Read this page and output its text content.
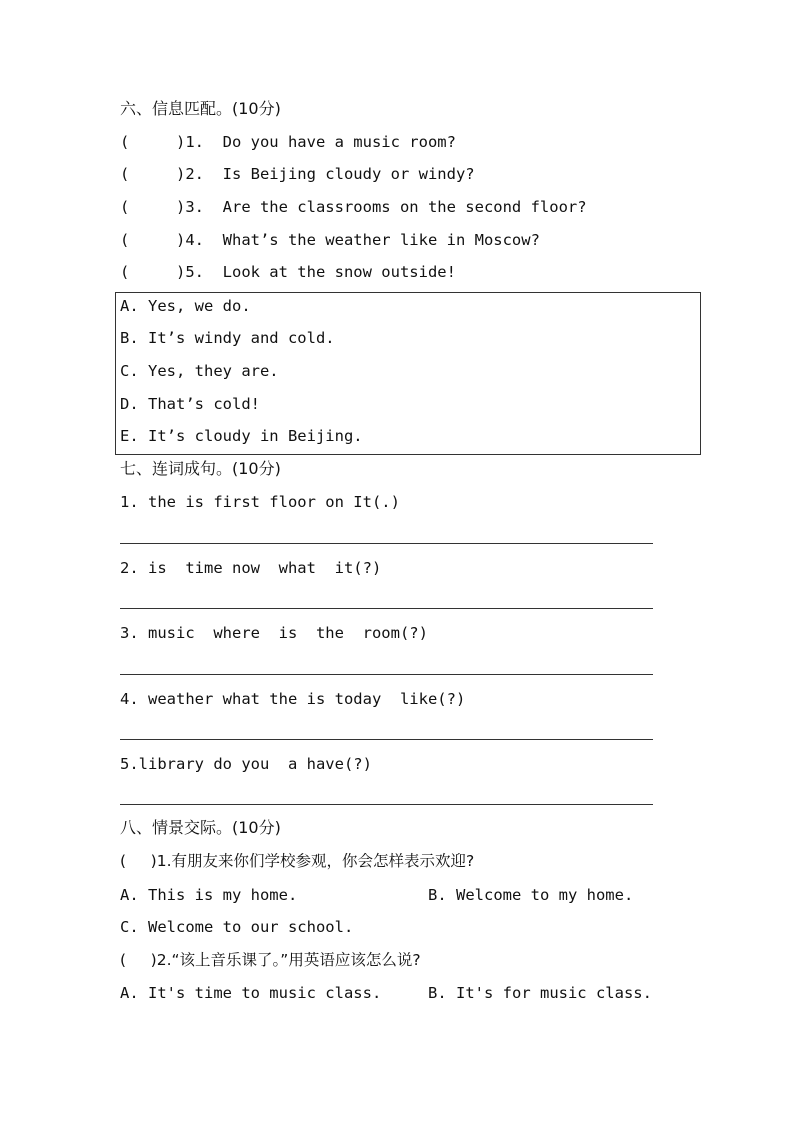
六、信息匹配。(10分)
(     )1.  Do you have a music room?
(     )2.  Is Beijing cloudy or windy?
(     )3.  Are the classrooms on the second floor?
(     )4.  What’s the weather like in Moscow?
(     )5.  Look at the snow outside!
A. Yes, we do.
B. It’s windy and cold.
C. Yes, they are.
D. That’s cold!
E. It’s cloudy in Beijing.
七、连词成句。(10分)
1. the is first floor on It(.)
2. is  time now  what  it(?)
3. music  where  is  the  room(?)
4. weather what the is today  like(?)
5.library do you  a have(?)
八、情景交际。(10分)
(     )1.有朋友来你们学校参观，你会怎样表示欢迎?
A. This is my home.	B. Welcome to my home.
C. Welcome to our school.
(     )2.“该上音乐课了。”用英语应该怎么说?
A. It's time to music class.	B. It's for music class.
